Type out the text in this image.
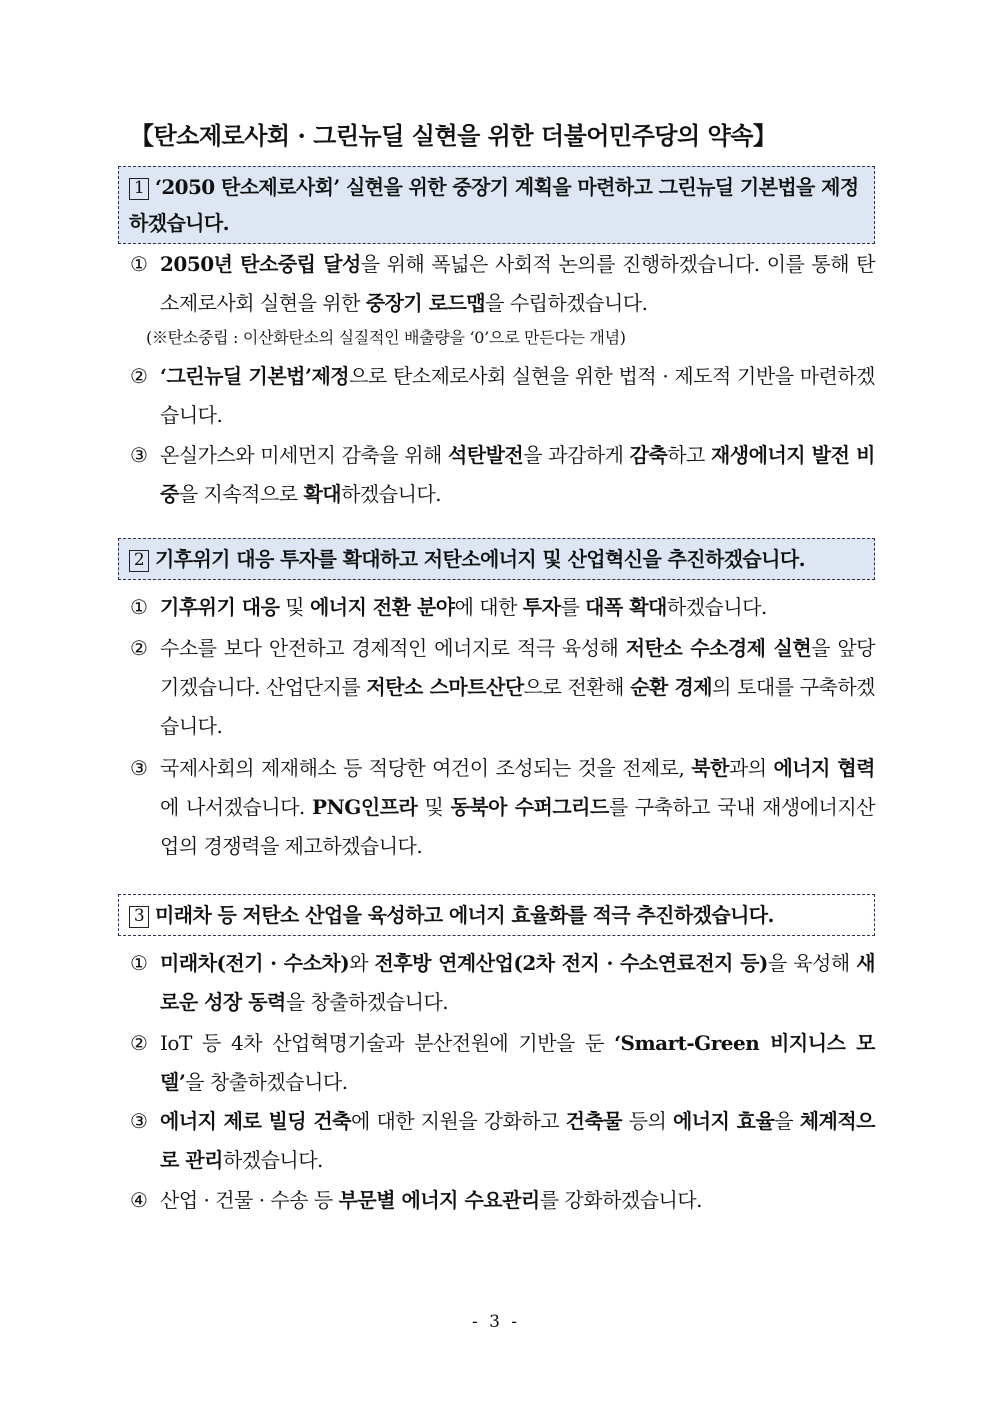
【탄소제로사회 · 그린뉴딜 실현을 위한 더불어민주당의 약속】
1 ‘2050 탄소제로사회’ 실현을 위한 중장기 계획을 마련하고 그린뉴딜 기본법을 제정하겠습니다.
① 2050년 탄소중립 달성을 위해 폭넓은 사회적 논의를 진행하겠습니다. 이를 통해 탄소제로사회 실현을 위한 중장기 로드맵을 수립하겠습니다.
(※탄소중립 : 이산화탄소의 실질적인 배출량을 ‘0’으로 만든다는 개념)
② ‘그린뉴딜 기본법’제정으로 탄소제로사회 실현을 위한 법적 · 제도적 기반을 마련하겠습니다.
③ 온실가스와 미세먼지 감축을 위해 석탄발전을 과감하게 감축하고 재생에너지 발전 비중을 지속적으로 확대하겠습니다.
2 기후위기 대응 투자를 확대하고 저탄소에너지 및 산업혁신을 추진하겠습니다.
① 기후위기 대응 및 에너지 전환 분야에 대한 투자를 대폭 확대하겠습니다.
② 수소를 보다 안전하고 경제적인 에너지로 적극 육성해 저탄소 수소경제 실현을 앞당기겠습니다. 산업단지를 저탄소 스마트산단으로 전환해 순환 경제의 토대를 구축하겠습니다.
③ 국제사회의 제재해소 등 적당한 여건이 조성되는 것을 전제로, 북한과의 에너지 협력에 나서겠습니다. PNG인프라 및 동북아 수퍼그리드를 구축하고 국내 재생에너지산업의 경쟁력을 제고하겠습니다.
3 미래차 등 저탄소 산업을 육성하고 에너지 효율화를 적극 추진하겠습니다.
① 미래차(전기 · 수소차)와 전후방 연계산업(2차 전지 · 수소연료전지 등)을 육성해 새로운 성장 동력을 창출하겠습니다.
② IoT 등 4차 산업혁명기술과 분산전원에 기반을 둔 ‘Smart-Green 비지니스 모델’을 창출하겠습니다.
③ 에너지 제로 빌딩 건축에 대한 지원을 강화하고 건축물 등의 에너지 효율을 체계적으로 관리하겠습니다.
④ 산업 · 건물 · 수송 등 부문별 에너지 수요관리를 강화하겠습니다.
- 3 -
